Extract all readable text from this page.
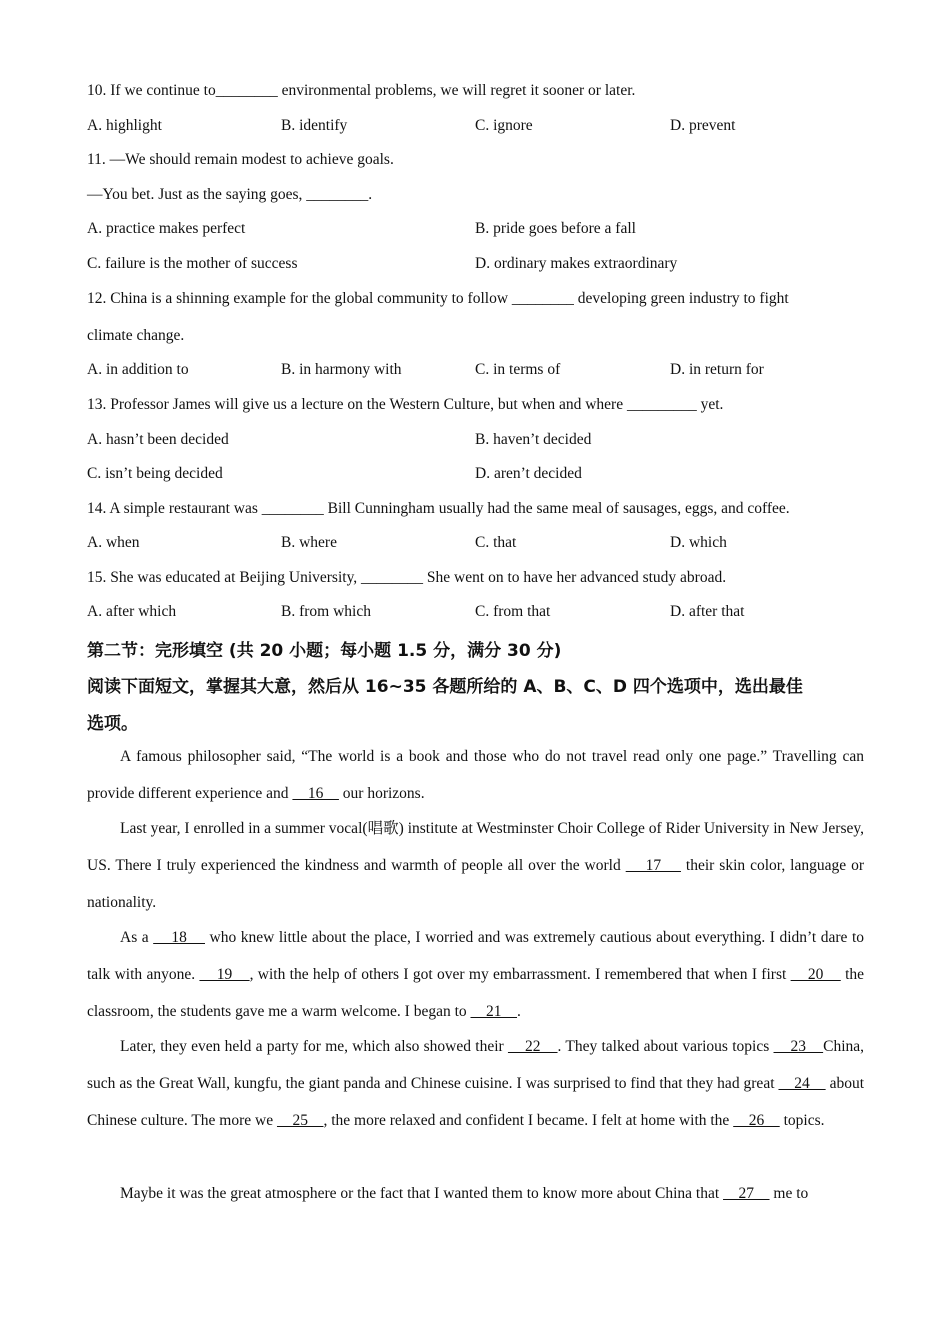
10. If we continue to________ environmental problems, we will regret it sooner or later.
A. highlight	B. identify	C. ignore	D. prevent
11. —We should remain modest to achieve goals.
—You bet. Just as the saying goes, ________.
A. practice makes perfect	B. pride goes before a fall
C. failure is the mother of success	D. ordinary makes extraordinary
12. China is a shinning example for the global community to follow ________ developing green industry to fight
climate change.
A. in addition to	B. in harmony with	C. in terms of	D. in return for
13. Professor James will give us a lecture on the Western Culture, but when and where _________ yet.
A. hasn’t been decided	B. haven’t decided
C. isn’t being decided	D. aren’t decided
14. A simple restaurant was ________ Bill Cunningham usually had the same meal of sausages, eggs, and coffee.
A. when	B. where	C. that	D. which
15. She was educated at Beijing University, ________ She went on to have her advanced study abroad.
A. after which	B. from which	C. from that	D. after that
第二节：完形填空 (共 20 小题；每小题 1.5 分，满分 30 分)
阅读下面短文，掌握其大意，然后从 16~35 各题所给的 A、B、C、D 四个选项中，选出最佳
选项。
A famous philosopher said, “The world is a book and those who do not travel read only one page.” Travelling can provide different experience and     16     our horizons.
Last year, I enrolled in a summer vocal(唱歌) institute at Westminster Choir College of Rider University in New Jersey, US. There I truly experienced the kindness and warmth of people all over the world     17     their skin color, language or nationality.
As a     18     who knew little about the place, I worried and was extremely cautious about everything. I didn’t dare to talk with anyone.     19    , with the help of others I got over my embarrassment. I remembered that when I first     20     the classroom, the students gave me a warm welcome. I began to     21    .
Later, they even held a party for me, which also showed their     22    . They talked about various topics     23    China, such as the Great Wall, kungfu, the giant panda and Chinese cuisine. I was surprised to find that they had great     24     about Chinese culture. The more we     25    , the more relaxed and confident I became. I felt at home with the     26     topics.
Maybe it was the great atmosphere or the fact that I wanted them to know more about China that     27     me to
